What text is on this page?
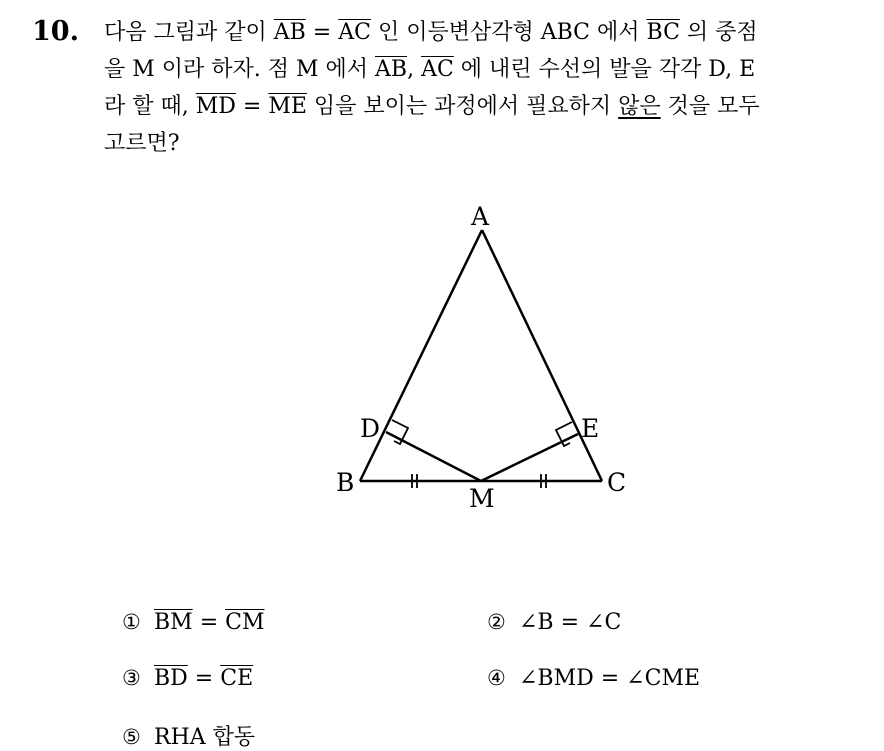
10. 다음 그림과 같이 $\overline{AB} = \overline{AC}$ 인 이등변삼각형 ABC 에서 $\overline{BC}$ 의 중점
을 M 이라 하자. 점 M 에서 $\overline{AB}$, $\overline{AC}$ 에 내린 수선의 발을 각각 D, E
라 할 때, $\overline{MD} = \overline{ME}$ 임을 보이는 과정에서 필요하지 않은 것을 모두
고르면?
A
B	C
D	E
M
① $\overline{BM} = \overline{CM}$	② ∠B = ∠C
③ $\overline{BD} = \overline{CE}$	④ ∠BMD = ∠CME
⑤ RHA 합동
